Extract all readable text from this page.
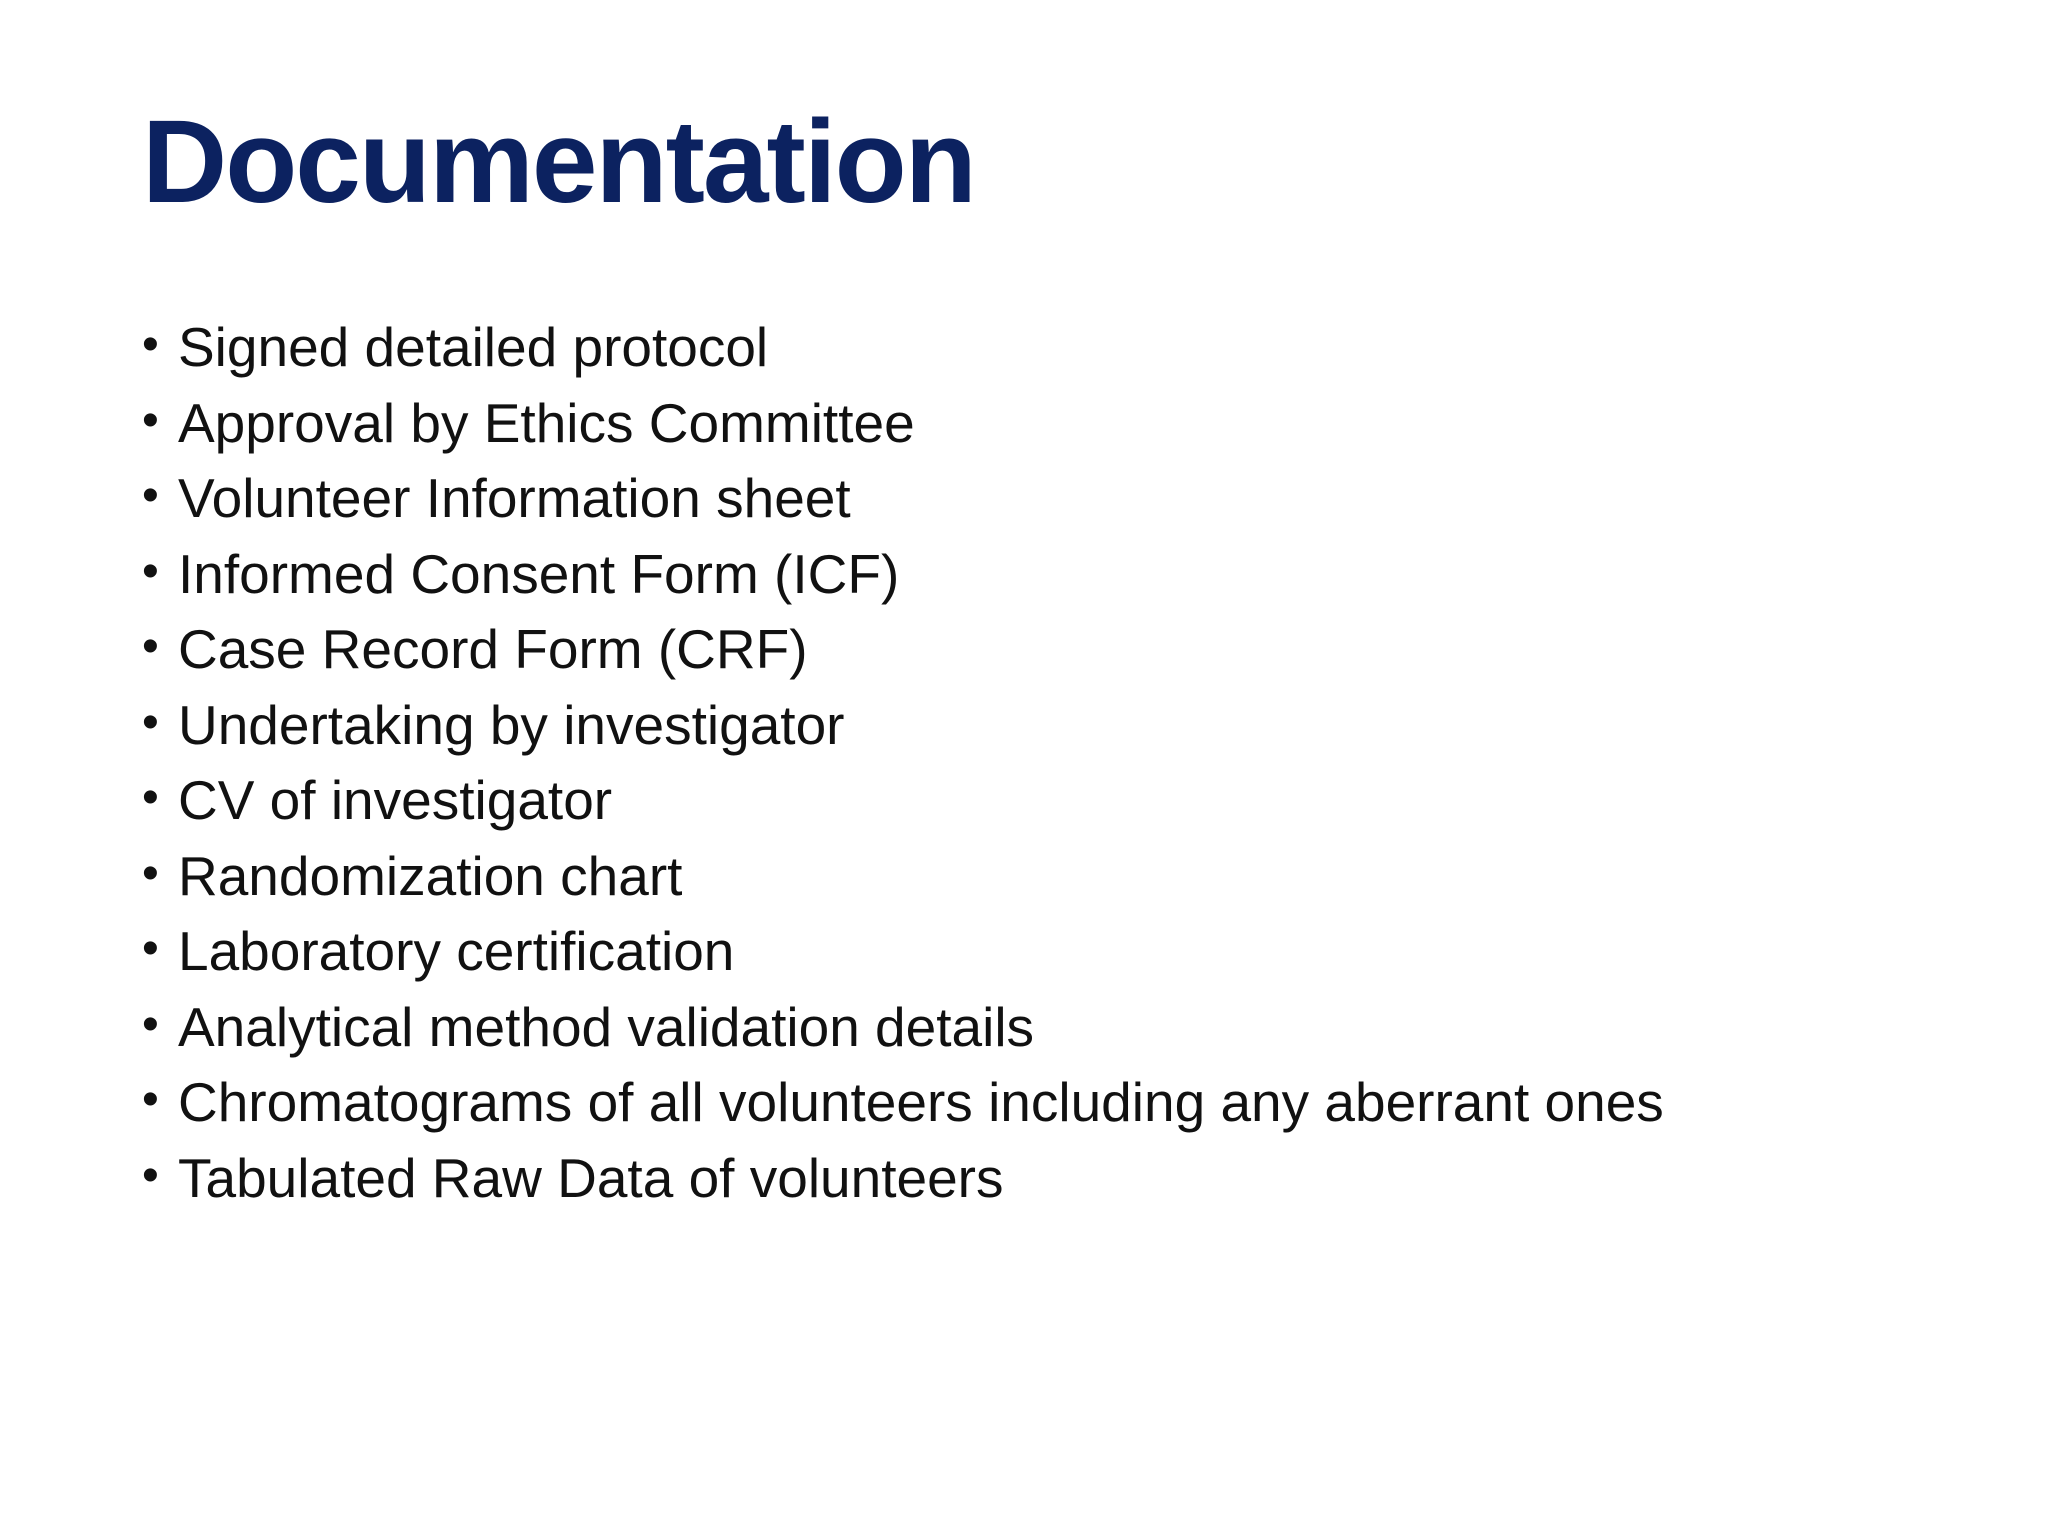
Documentation
• Signed detailed protocol
• Approval by Ethics Committee
• Volunteer Information sheet
• Informed Consent Form (ICF)
• Case Record Form (CRF)
• Undertaking by investigator
• CV of investigator
• Randomization chart
• Laboratory certification
• Analytical method validation details
• Chromatograms of all volunteers including any aberrant ones
• Tabulated Raw Data of volunteers
